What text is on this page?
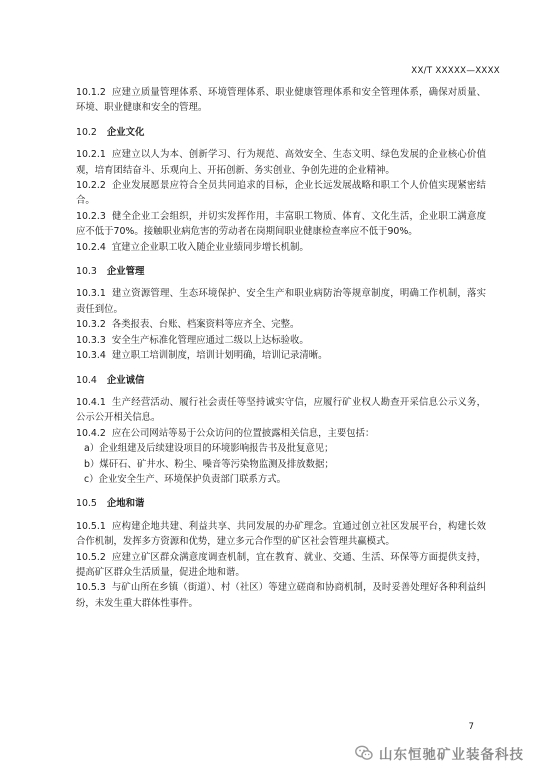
XX/T XXXXX—XXXX
10.1.2 应建立质量管理体系、环境管理体系、职业健康管理体系和安全管理体系，确保对质量、环境、职业健康和安全的管理。
10.2 企业文化
10.2.1 应建立以人为本、创新学习、行为规范、高效安全、生态文明、绿色发展的企业核心价值观，培育团结奋斗、乐观向上、开拓创新、务实创业、争创先进的企业精神。
10.2.2 企业发展愿景应符合全员共同追求的目标，企业长远发展战略和职工个人价值实现紧密结合。
10.2.3 健全企业工会组织，并切实发挥作用，丰富职工物质、体育、文化生活，企业职工满意度应不低于70%。接触职业病危害的劳动者在岗期间职业健康检查率应不低于90%。
10.2.4 宜建立企业职工收入随企业业绩同步增长机制。
10.3 企业管理
10.3.1 建立资源管理、生态环境保护、安全生产和职业病防治等规章制度，明确工作机制，落实责任到位。
10.3.2 各类报表、台账、档案资料等应齐全、完整。
10.3.3 安全生产标准化管理应通过二级以上达标验收。
10.3.4 建立职工培训制度，培训计划明确，培训记录清晰。
10.4 企业诚信
10.4.1 生产经营活动、履行社会责任等坚持诚实守信，应履行矿业权人勘查开采信息公示义务，公示公开相关信息。
10.4.2 应在公司网站等易于公众访问的位置披露相关信息，主要包括：
a）企业组建及后续建设项目的环境影响报告书及批复意见；
b）煤矸石、矿井水、粉尘、噪音等污染物监测及排放数据；
c）企业安全生产、环境保护负责部门联系方式。
10.5 企地和谐
10.5.1 应构建企地共建、利益共享、共同发展的办矿理念。宜通过创立社区发展平台，构建长效合作机制，发挥多方资源和优势，建立多元合作型的矿区社会管理共赢模式。
10.5.2 应建立矿区群众满意度调查机制，宜在教育、就业、交通、生活、环保等方面提供支持，提高矿区群众生活质量，促进企地和谐。
10.5.3 与矿山所在乡镇（街道）、村（社区）等建立磋商和协商机制，及时妥善处理好各种利益纠纷，未发生重大群体性事件。
7
山东恒驰矿业装备科技
